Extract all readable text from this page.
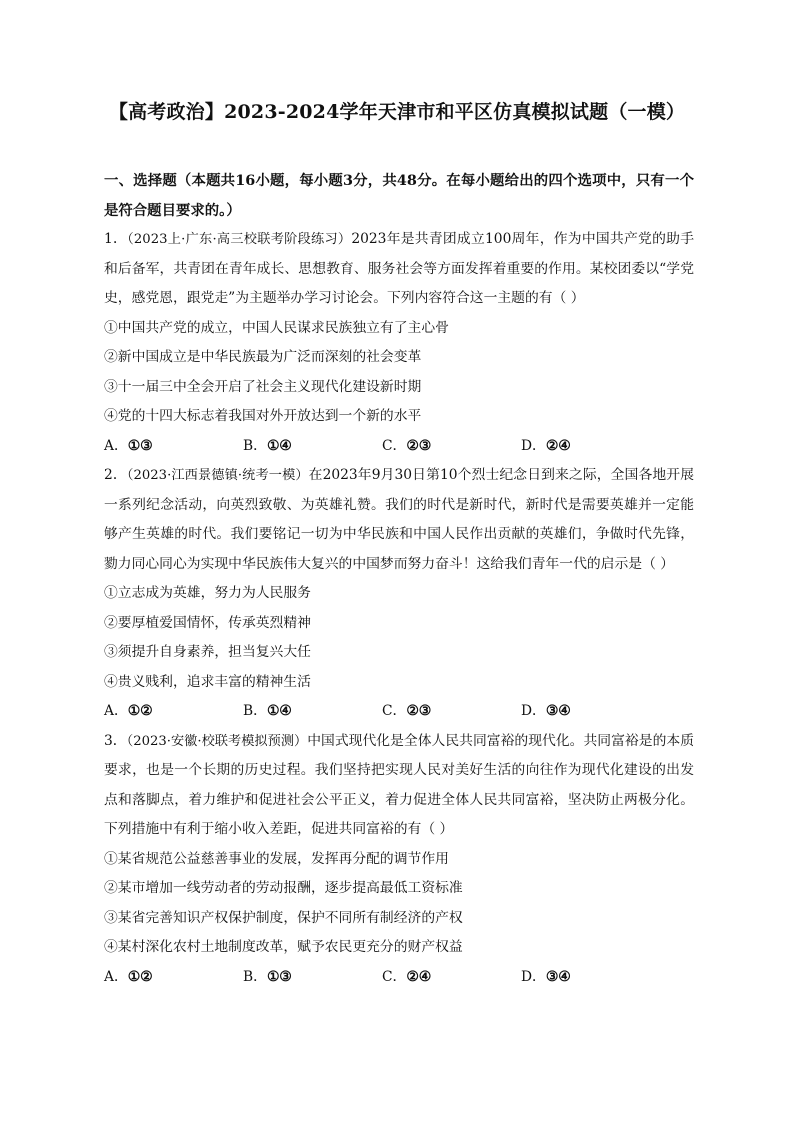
【高考政治】2023-2024学年天津市和平区仿真模拟试题（一模）

一、选择题（本题共16小题，每小题3分，共48分。在每小题给出的四个选项中，只有一个是符合题目要求的。）

1．（2023上·广东·高三校联考阶段练习）2023年是共青团成立100周年，作为中国共产党的助手和后备军，共青团在青年成长、思想教育、服务社会等方面发挥着重要的作用。某校团委以“学党史，感党恩，跟党走”为主题举办学习讨论会。下列内容符合这一主题的有（ ）

①中国共产党的成立，中国人民谋求民族独立有了主心骨

②新中国成立是中华民族最为广泛而深刻的社会变革

③十一届三中全会开启了社会主义现代化建设新时期

④党的十四大标志着我国对外开放达到一个新的水平

A．①③	B．①④	C．②③	D．②④

2．（2023·江西景德镇·统考一模）在2023年9月30日第10个烈士纪念日到来之际，全国各地开展一系列纪念活动，向英烈致敬、为英雄礼赞。我们的时代是新时代，新时代是需要英雄并一定能够产生英雄的时代。我们要铭记一切为中华民族和中国人民作出贡献的英雄们，争做时代先锋，勠力同心同心为实现中华民族伟大复兴的中国梦而努力奋斗！这给我们青年一代的启示是（ ）

①立志成为英雄，努力为人民服务

②要厚植爱国情怀，传承英烈精神

③须提升自身素养，担当复兴大任

④贵义贱利，追求丰富的精神生活

A．①②	B．①④	C．②③	D．③④

3．（2023·安徽·校联考模拟预测）中国式现代化是全体人民共同富裕的现代化。共同富裕是的本质要求，也是一个长期的历史过程。我们坚持把实现人民对美好生活的向往作为现代化建设的出发点和落脚点，着力维护和促进社会公平正义，着力促进全体人民共同富裕，坚决防止两极分化。下列措施中有利于缩小收入差距，促进共同富裕的有（ ）

①某省规范公益慈善事业的发展，发挥再分配的调节作用

②某市增加一线劳动者的劳动报酬，逐步提高最低工资标准

③某省完善知识产权保护制度，保护不同所有制经济的产权

④某村深化农村土地制度改革，赋予农民更充分的财产权益

A．①②	B．①③	C．②④	D．③④
